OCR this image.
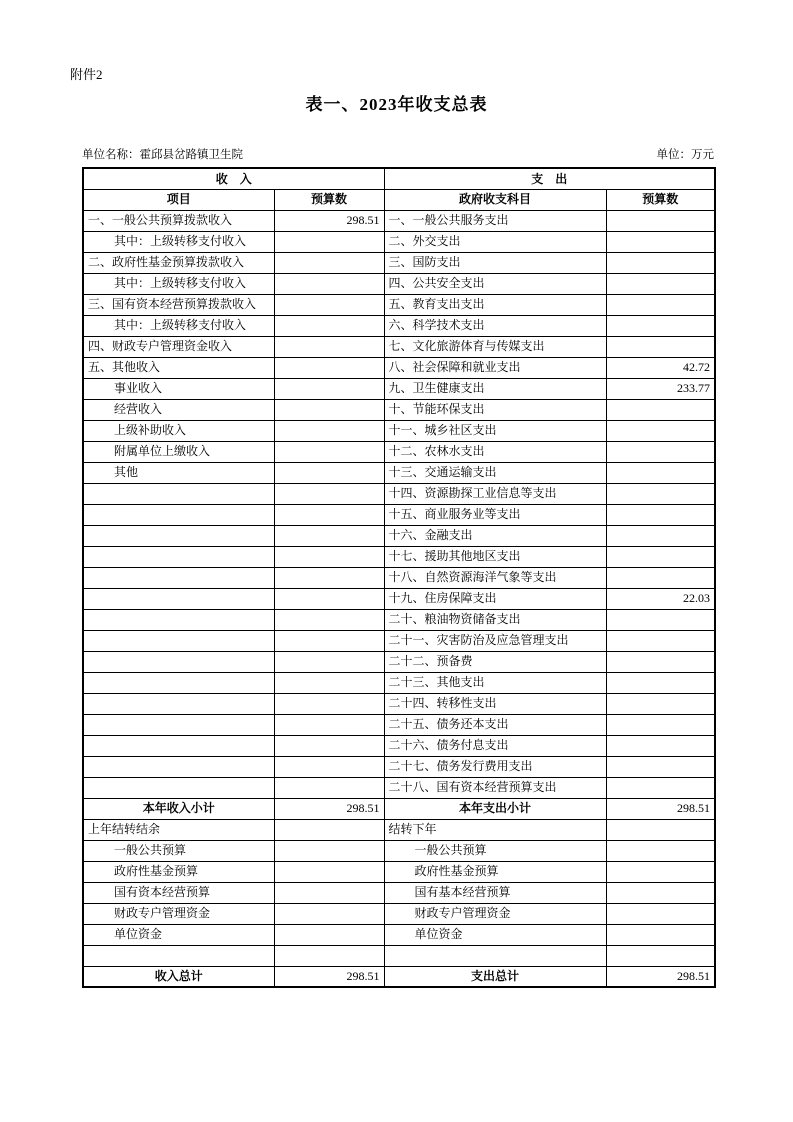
附件2
表一、2023年收支总表
单位名称：霍邱县岔路镇卫生院	单位：万元
收　入		支　出	
项目	预算数	政府收支科目	预算数
一、一般公共预算拨款收入	298.51	一、一般公共服务支出	
其中：上级转移支付收入		二、外交支出	
二、政府性基金预算拨款收入		三、国防支出	
其中：上级转移支付收入		四、公共安全支出	
三、国有资本经营预算拨款收入		五、教育支出支出	
其中：上级转移支付收入		六、科学技术支出	
四、财政专户管理资金收入		七、文化旅游体育与传媒支出	
五、其他收入		八、社会保障和就业支出	42.72
事业收入		九、卫生健康支出	233.77
经营收入		十、节能环保支出	
上级补助收入		十一、城乡社区支出	
附属单位上缴收入		十二、农林水支出	
其他		十三、交通运输支出	
		十四、资源勘探工业信息等支出	
		十五、商业服务业等支出	
		十六、金融支出	
		十七、援助其他地区支出	
		十八、自然资源海洋气象等支出	
		十九、住房保障支出	22.03
		二十、粮油物资储备支出	
		二十一、灾害防治及应急管理支出	
		二十二、预备费	
		二十三、其他支出	
		二十四、转移性支出	
		二十五、债务还本支出	
		二十六、债务付息支出	
		二十七、债务发行费用支出	
		二十八、国有资本经营预算支出	
本年收入小计	298.51	本年支出小计	298.51
上年结转结余		结转下年	
一般公共预算		一般公共预算	
政府性基金预算		政府性基金预算	
国有资本经营预算		国有基本经营预算	
财政专户管理资金		财政专户管理资金	
单位资金		单位资金	

收入总计	298.51	支出总计	298.51
